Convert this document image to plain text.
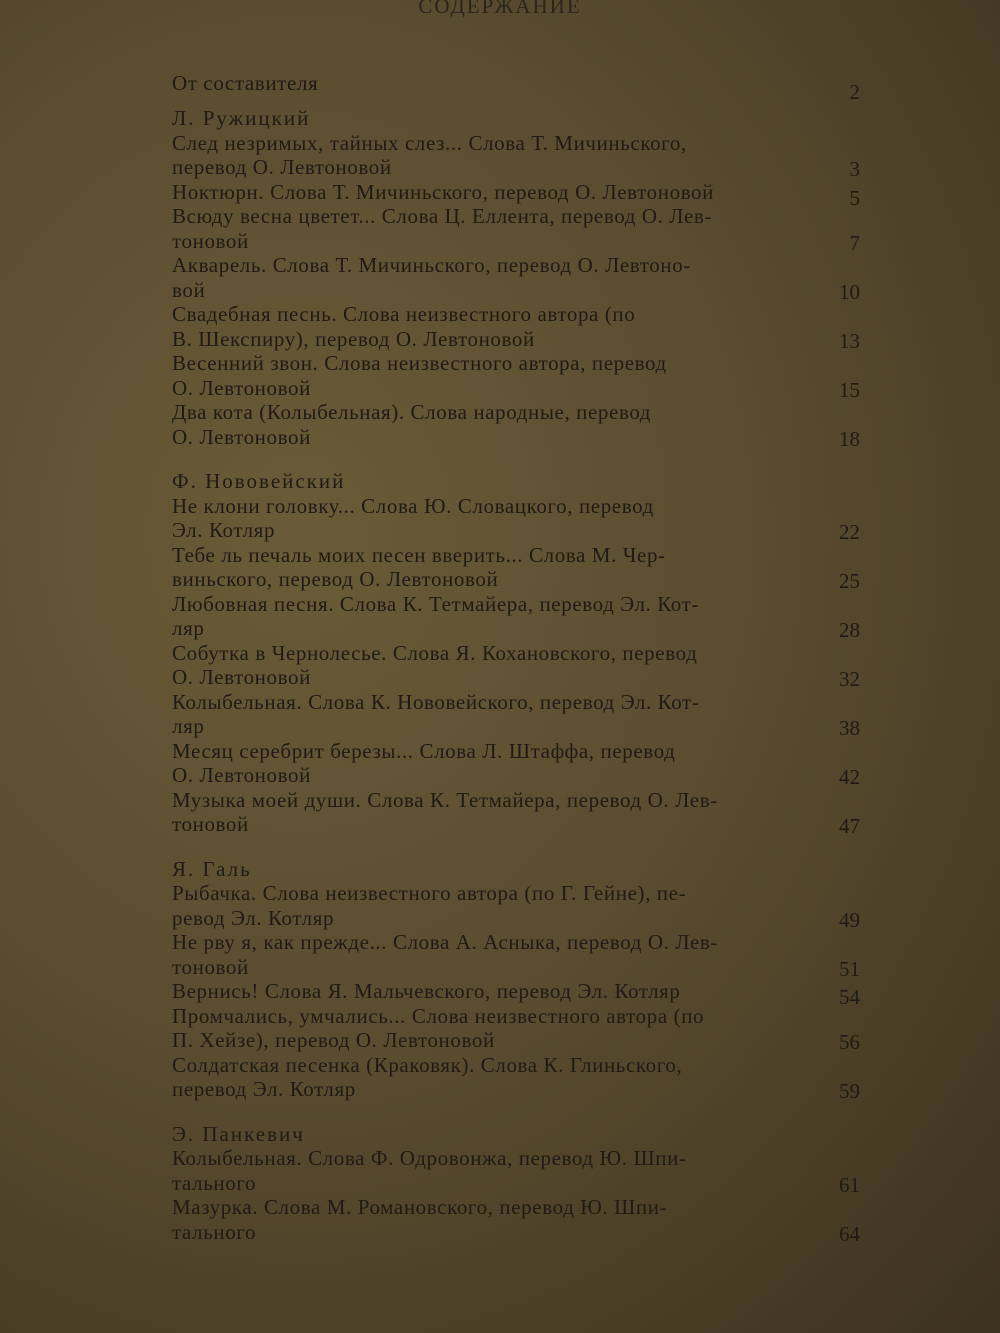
СОДЕРЖАНИЕ
От составителя	2
Л. Ружицкий
След незримых, тайных слез... Слова Т. Мичиньского,
перевод О. Левтоновой	3
Ноктюрн. Слова Т. Мичиньского, перевод О. Левтоновой	5
Всюду весна цветет... Слова Ц. Еллента, перевод О. Лев-
тоновой	7
Акварель. Слова Т. Мичиньского, перевод О. Левтоно-
вой	10
Свадебная песнь. Слова неизвестного автора (по
В. Шекспиру), перевод О. Левтоновой	13
Весенний звон. Слова неизвестного автора, перевод
О. Левтоновой	15
Два кота (Колыбельная). Слова народные, перевод
О. Левтоновой	18
Ф. Нововейский
Не клони головку... Слова Ю. Словацкого, перевод
Эл. Котляр	22
Тебе ль печаль моих песен вверить... Слова М. Чер-
виньского, перевод О. Левтоновой	25
Любовная песня. Слова К. Тетмайера, перевод Эл. Кот-
ляр	28
Собутка в Чернолесье. Слова Я. Кохановского, перевод
О. Левтоновой	32
Колыбельная. Слова К. Нововейского, перевод Эл. Кот-
ляр	38
Месяц серебрит березы... Слова Л. Штаффа, перевод
О. Левтоновой	42
Музыка моей души. Слова К. Тетмайера, перевод О. Лев-
тоновой	47
Я. Галь
Рыбачка. Слова неизвестного автора (по Г. Гейне), пе-
ревод Эл. Котляр	49
Не рву я, как прежде... Слова А. Асныка, перевод О. Лев-
тоновой	51
Вернись! Слова Я. Мальчевского, перевод Эл. Котляр	54
Промчались, умчались... Слова неизвестного автора (по
П. Хейзе), перевод О. Левтоновой	56
Солдатская песенка (Краковяк). Слова К. Глиньского,
перевод Эл. Котляр	59
Э. Панкевич
Колыбельная. Слова Ф. Одровонжа, перевод Ю. Шпи-
тального	61
Мазурка. Слова М. Романовского, перевод Ю. Шпи-
тального	64
